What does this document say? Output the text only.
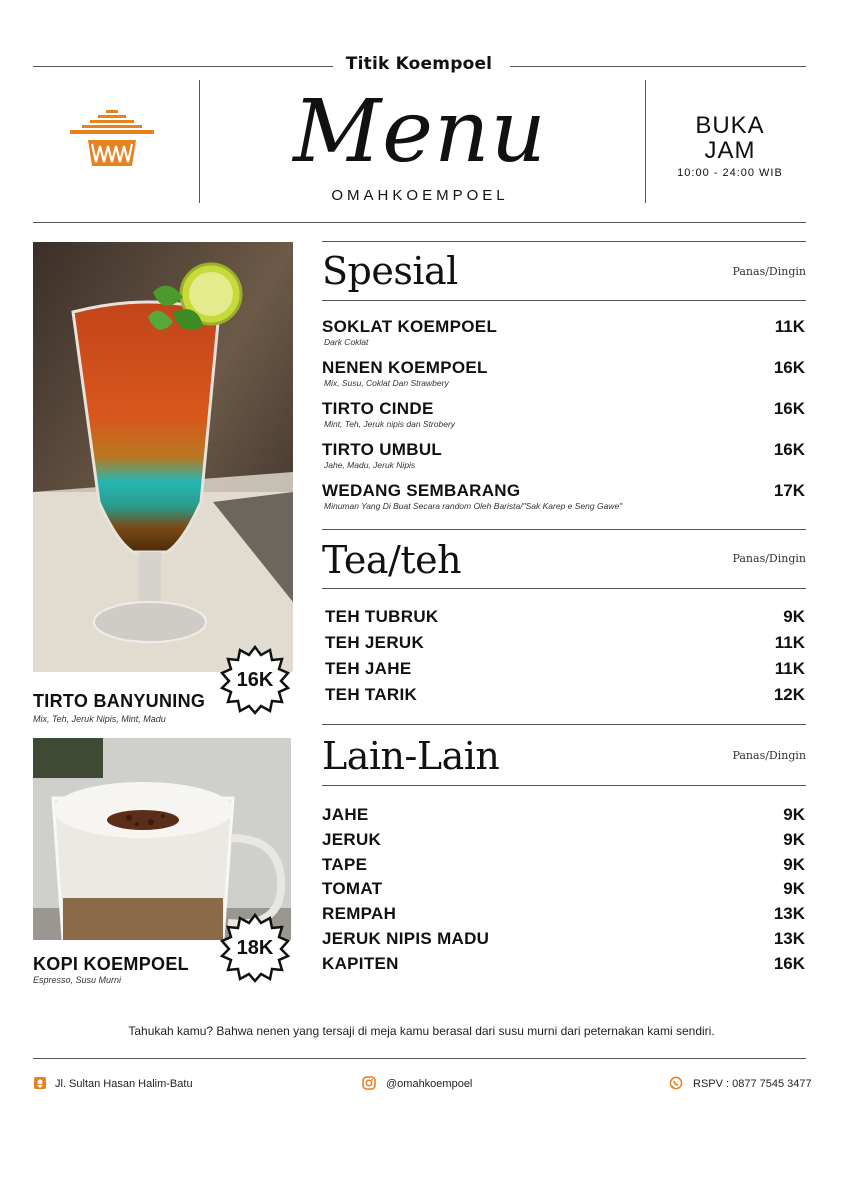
Titik Koempoel
Menu
OMAHKOEMPOEL
BUKA
JAM
10:00 - 24:00 WIB
16K
TIRTO BANYUNING
Mix, Teh, Jeruk Nipis, Mint, Madu
18K
KOPI KOEMPOEL
Espresso, Susu Murni
Spesial	Panas/Dingin
SOKLAT KOEMPOEL	11K
Dark Coklat
NENEN KOEMPOEL	16K
Mix, Susu, Coklat Dan Strawbery
TIRTO CINDE	16K
Mint, Teh, Jeruk nipis dan Strobery
TIRTO UMBUL	16K
Jahe, Madu, Jeruk Nipis
WEDANG SEMBARANG	17K
Minuman Yang Di Buat Secara random Oleh Barista/"Sak Karep e Seng Gawe"
Tea/teh	Panas/Dingin
TEH TUBRUK	9K
TEH JERUK	11K
TEH JAHE	11K
TEH TARIK	12K
Lain-Lain	Panas/Dingin
JAHE	9K
JERUK	9K
TAPE	9K
TOMAT	9K
REMPAH	13K
JERUK NIPIS MADU	13K
KAPITEN	16K
Tahukah kamu? Bahwa nenen yang tersaji di meja kamu berasal dari susu murni dari peternakan kami sendiri.
Jl. Sultan Hasan Halim-Batu	@omahkoempoel	RSPV : 0877 7545 3477
